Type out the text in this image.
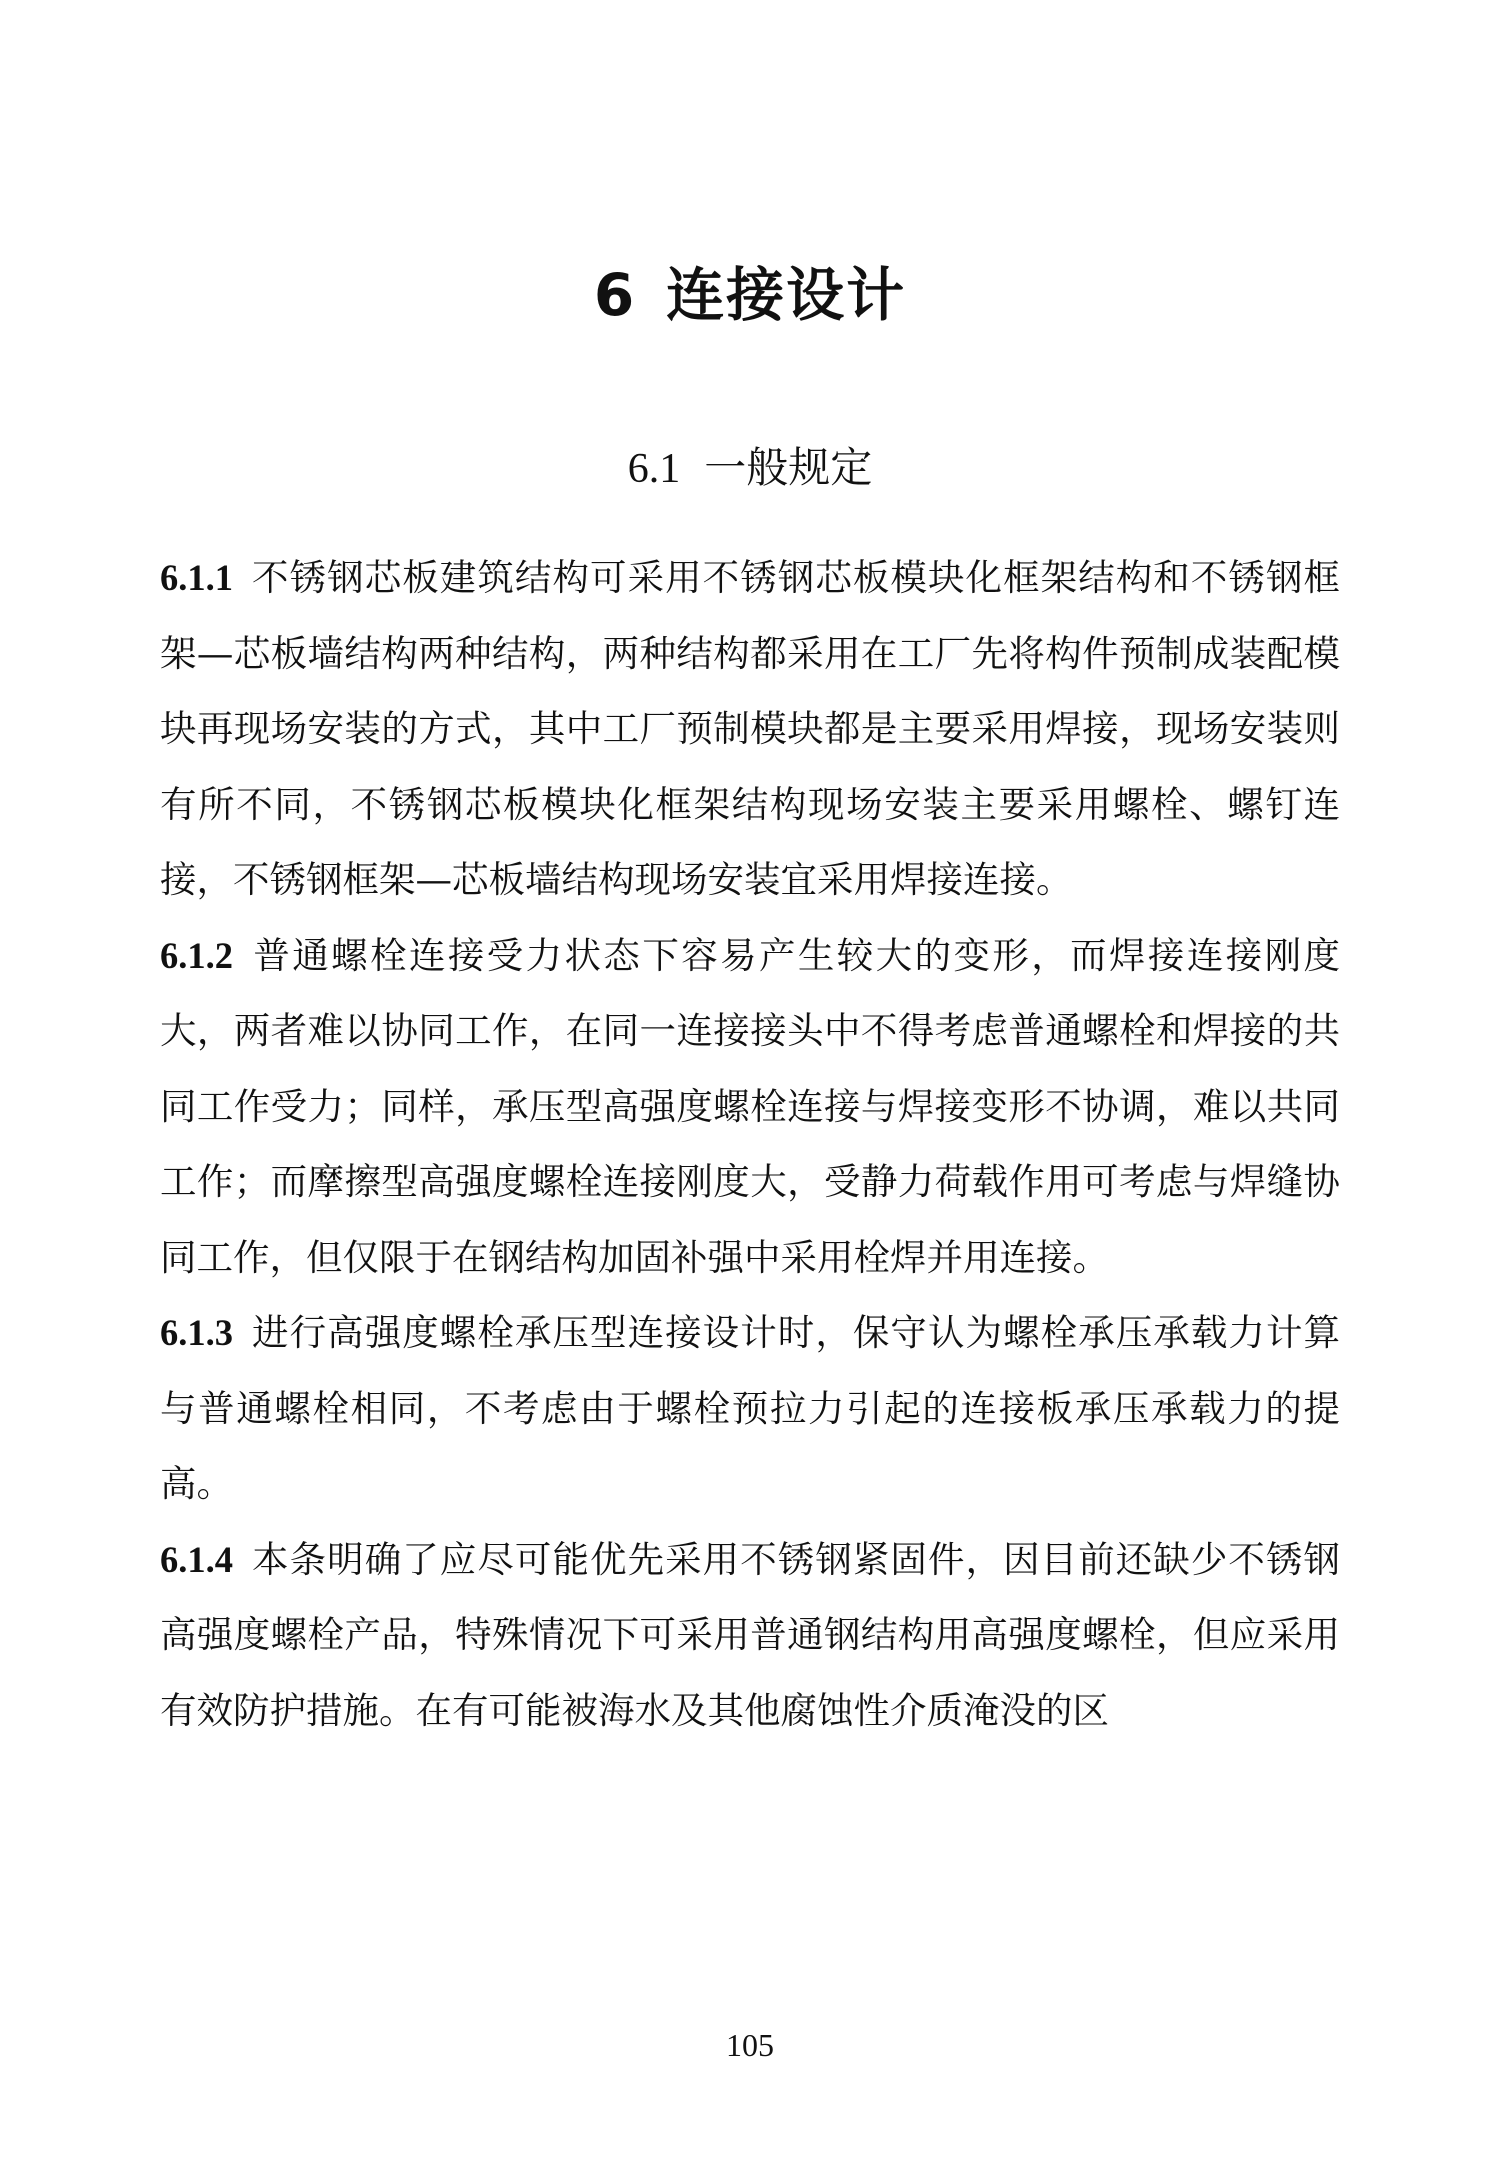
6 连接设计
6.1 一般规定

6.1.1 不锈钢芯板建筑结构可采用不锈钢芯板模块化框架结构和不锈钢框架—芯板墙结构两种结构，两种结构都采用在工厂先将构件预制成装配模块再现场安装的方式，其中工厂预制模块都是主要采用焊接，现场安装则有所不同，不锈钢芯板模块化框架结构现场安装主要采用螺栓、螺钉连接，不锈钢框架—芯板墙结构现场安装宜采用焊接连接。

6.1.2 普通螺栓连接受力状态下容易产生较大的变形，而焊接连接刚度大，两者难以协同工作，在同一连接接头中不得考虑普通螺栓和焊接的共同工作受力；同样，承压型高强度螺栓连接与焊接变形不协调，难以共同工作；而摩擦型高强度螺栓连接刚度大，受静力荷载作用可考虑与焊缝协同工作，但仅限于在钢结构加固补强中采用栓焊并用连接。

6.1.3 进行高强度螺栓承压型连接设计时，保守认为螺栓承压承载力计算与普通螺栓相同，不考虑由于螺栓预拉力引起的连接板承压承载力的提高。

6.1.4 本条明确了应尽可能优先采用不锈钢紧固件，因目前还缺少不锈钢高强度螺栓产品，特殊情况下可采用普通钢结构用高强度螺栓，但应采用有效防护措施。在有可能被海水及其他腐蚀性介质淹没的区

105
